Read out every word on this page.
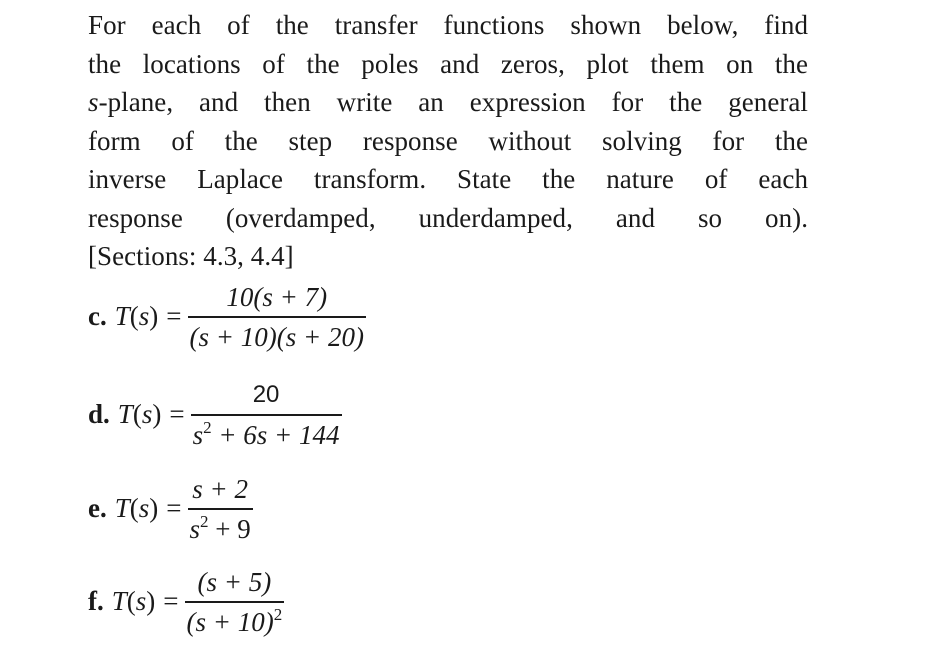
For each of the transfer functions shown below, find
the locations of the poles and zeros, plot them on the
s-plane, and then write an expression for the general
form of the step response without solving for the
inverse Laplace transform. State the nature of each
response (overdamped, underdamped, and so on).
[Sections: 4.3, 4.4]
c. $T(s) = \frac{10(s + 7)}{(s + 10)(s + 20)}$
d. $T(s) = \frac{20}{s^2 + 6s + 144}$
e. $T(s) = \frac{s + 2}{s^2 + 9}$
f. $T(s) = \frac{(s + 5)}{(s + 10)^2}$
